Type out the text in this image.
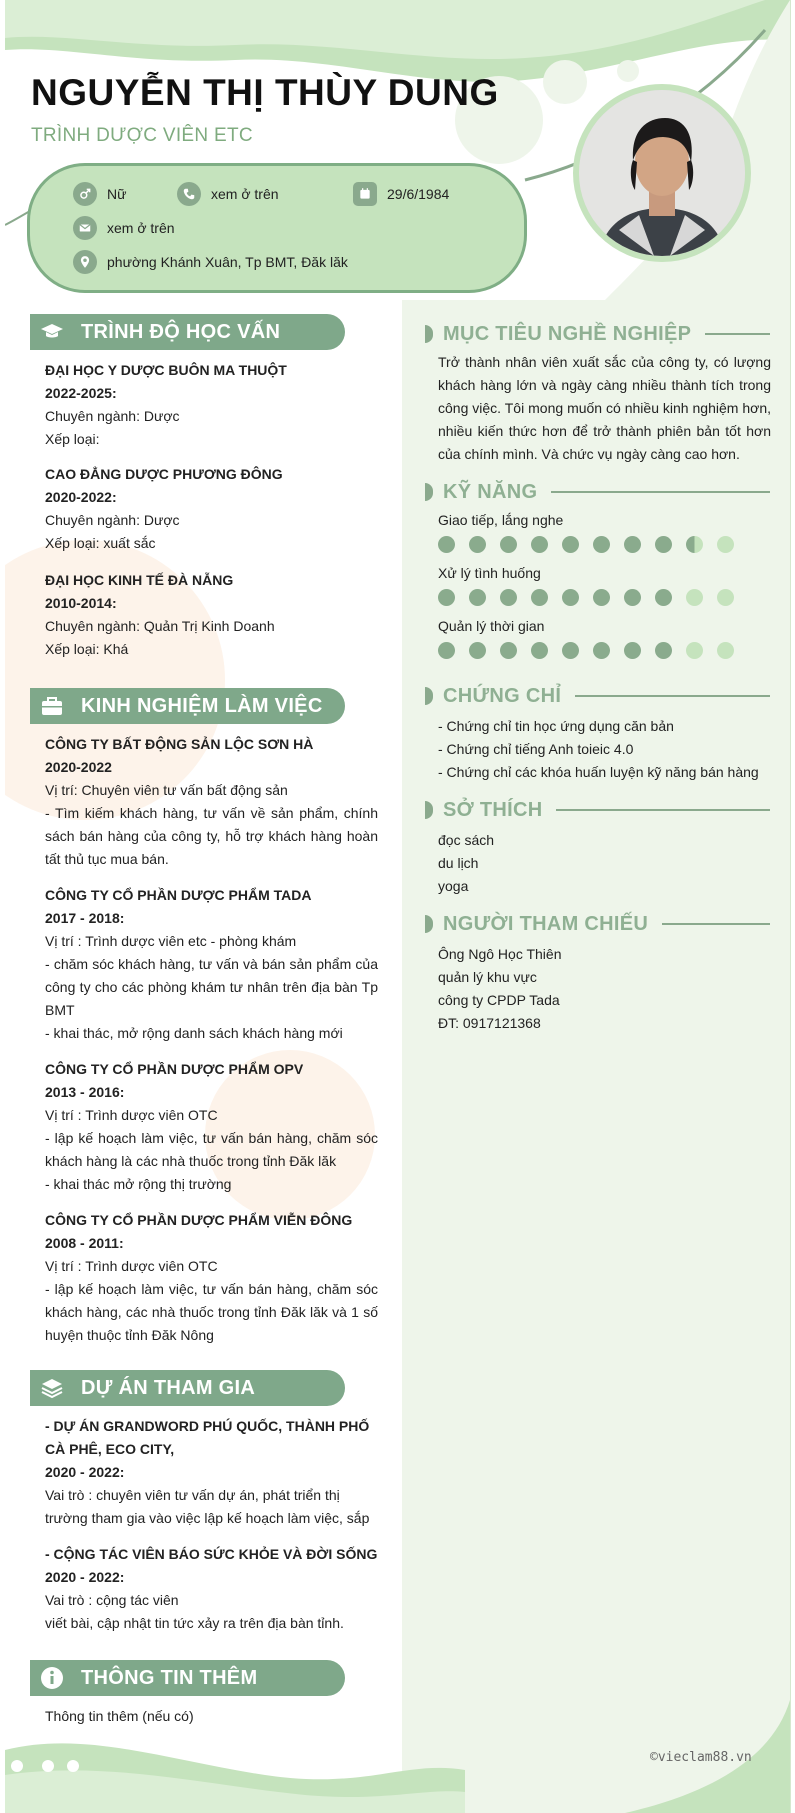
NGUYỄN THỊ THÙY DUNG
TRÌNH DƯỢC VIÊN ETC
Nữ	xem ở trên	29/6/1984
xem ở trên
phường Khánh Xuân, Tp BMT, Đăk lăk
TRÌNH ĐỘ HỌC VẤN

ĐẠI HỌC Y DƯỢC BUÔN MA THUỘT

2022-2025:

Chuyên ngành: Dược

Xếp loại:

CAO ĐẲNG DƯỢC PHƯƠNG ĐÔNG

2020-2022:

Chuyên ngành: Dược

Xếp loại: xuất sắc

ĐẠI HỌC KINH TẾ ĐÀ NẴNG

2010-2014:

Chuyên ngành: Quản Trị Kinh Doanh

Xếp loại: Khá

KINH NGHIỆM LÀM VIỆC

CÔNG TY BẤT ĐỘNG SẢN LỘC SƠN HÀ

2020-2022

Vị trí: Chuyên viên tư vấn bất động sản

- Tìm kiếm khách hàng, tư vấn về sản phẩm, chính sách bán hàng của công ty, hỗ trợ khách hàng hoàn tất thủ tục mua bán.

CÔNG TY CỔ PHẦN DƯỢC PHẨM TADA

2017 - 2018:

Vị trí : Trình dược viên etc - phòng khám

- chăm sóc khách hàng, tư vấn và bán sản phẩm của công ty cho các phòng khám tư nhân trên địa bàn Tp BMT

- khai thác, mở rộng danh sách khách hàng mới

CÔNG TY CỔ PHẦN DƯỢC PHẨM OPV

2013 - 2016:

Vị trí : Trình dược viên OTC

- lập kế hoạch làm việc, tư vấn bán hàng, chăm sóc khách hàng là các nhà thuốc trong tỉnh Đăk lăk

- khai thác mở rộng thị trường

CÔNG TY CỔ PHẦN DƯỢC PHẨM VIỄN ĐÔNG

2008 - 2011:

Vị trí : Trình dược viên OTC

- lập kế hoạch làm việc, tư vấn bán hàng, chăm sóc khách hàng, các nhà thuốc trong tỉnh Đăk lăk và 1 số huyện thuộc tỉnh Đăk Nông

DỰ ÁN THAM GIA

- DỰ ÁN GRANDWORD PHÚ QUỐC, THÀNH PHỐ CÀ PHÊ, ECO CITY,

2020 - 2022:

Vai trò : chuyên viên tư vấn dự án, phát triển thị trường tham gia vào việc lập kế hoạch làm việc, sắp

- CỘNG TÁC VIÊN BÁO SỨC KHỎE VÀ ĐỜI SỐNG

2020 - 2022:

Vai trò : cộng tác viên

viết bài, cập nhật tin tức xảy ra trên địa bàn tỉnh.

THÔNG TIN THÊM

Thông tin thêm (nếu có)

MỤC TIÊU NGHỀ NGHIỆP

Trở thành nhân viên xuất sắc của công ty, có lượng khách hàng lớn và ngày càng nhiều thành tích trong công việc. Tôi mong muốn có nhiều kinh nghiệm hơn, nhiều kiến thức hơn để trở thành phiên bản tốt hơn của chính mình. Và chức vụ ngày càng cao hơn.

KỸ NĂNG
Giao tiếp, lắng nghe
Xử lý tình huống
Quản lý thời gian
CHỨNG CHỈ

- Chứng chỉ tin học ứng dụng căn bản

- Chứng chỉ tiếng Anh toieic 4.0

- Chứng chỉ các khóa huấn luyện kỹ năng bán hàng

SỞ THÍCH

đọc sách

du lịch

yoga

NGƯỜI THAM CHIẾU

Ông Ngô Học Thiên

quản lý khu vực

công ty CPDP Tada

ĐT: 0917121368

©vieclam88.vn
